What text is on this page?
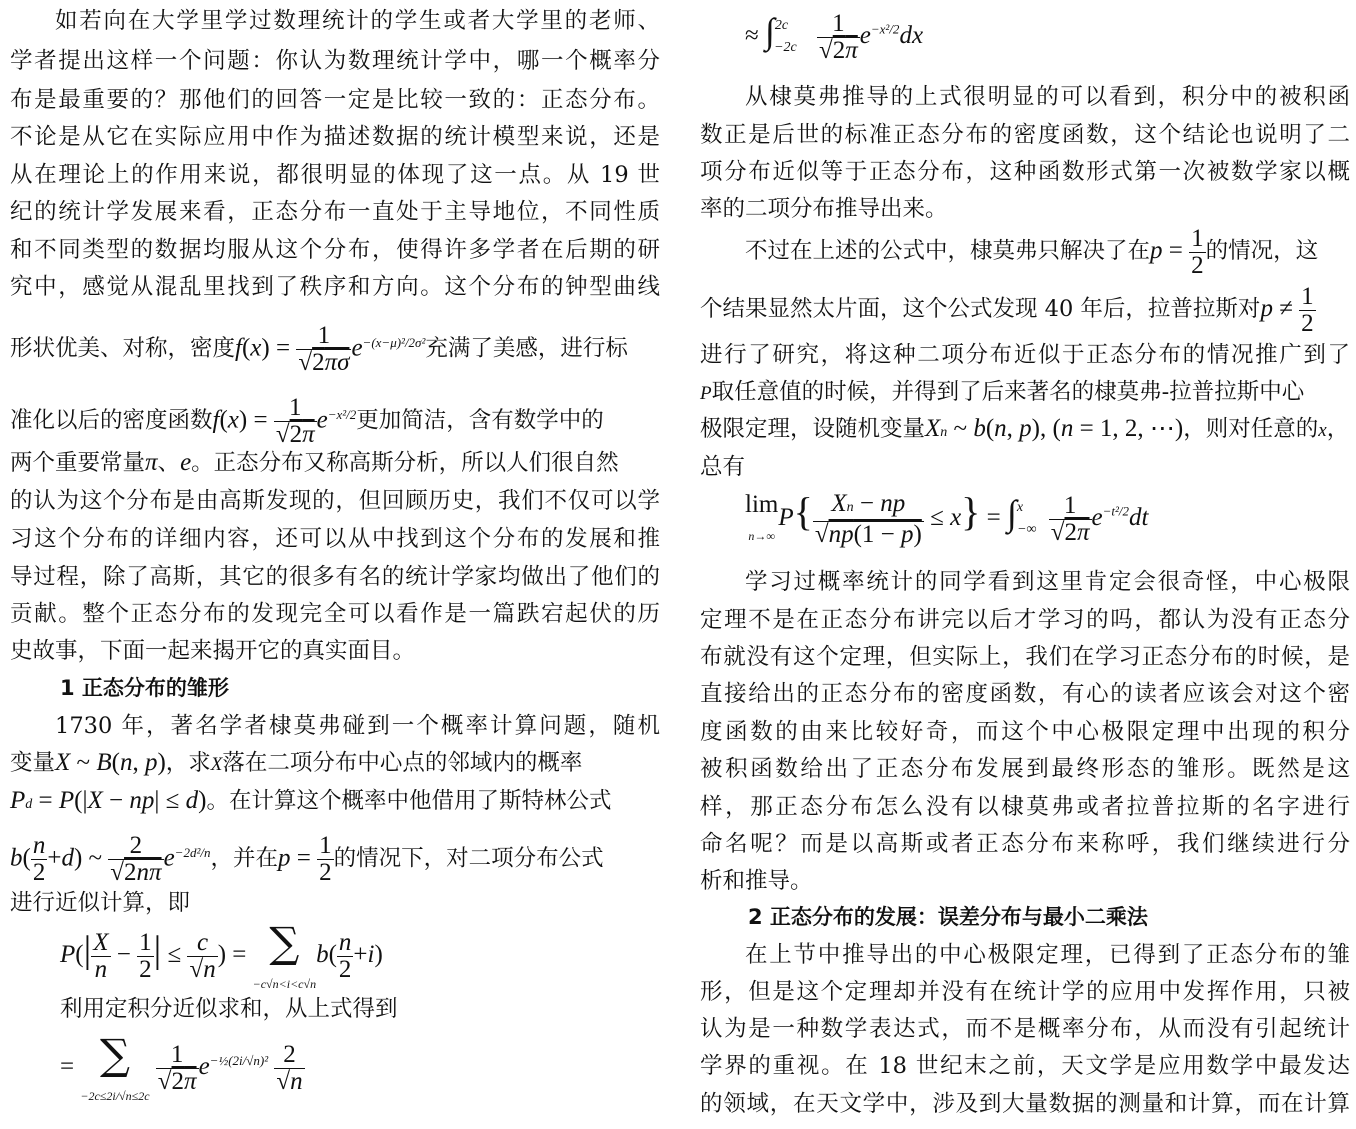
如若向在大学里学过数理统计的学生或者大学里的老师、
学者提出这样一个问题：你认为数理统计学中，哪一个概率分
布是最重要的？那他们的回答一定是比较一致的：正态分布。
不论是从它在实际应用中作为描述数据的统计模型来说，还是
从在理论上的作用来说，都很明显的体现了这一点。从 19 世
纪的统计学发展来看，正态分布一直处于主导地位，不同性质
和不同类型的数据均服从这个分布，使得许多学者在后期的研
究中，感觉从混乱里找到了秩序和方向。这个分布的钟型曲线
形状优美、对称，密度$f(x) = \frac{1}{√2\pi\sigma} e^{-(x-\mu)^2/2\sigma^2}$充满了美感，进行标
准化以后的密度函数$f(x) = \frac{1}{√2\pi} e^{-x^2/2}$更加简洁，含有数学中的
两个重要常量π、e。正态分布又称高斯分析，所以人们很自然
的认为这个分布是由高斯发现的，但回顾历史，我们不仅可以学
习这个分布的详细内容，还可以从中找到这个分布的发展和推
导过程，除了高斯，其它的很多有名的统计学家均做出了他们的
贡献。整个正态分布的发现完全可以看作是一篇跌宕起伏的历
史故事，下面一起来揭开它的真实面目。
1 正态分布的雏形
1730 年，著名学者棣莫弗碰到一个概率计算问题，随机
变量X ~ B(n, p)，求X落在二项分布中心点的邻域内的概率
Pd = P(|X − np| ≤ d)。在计算这个概率中他借用了斯特林公式
$b( \frac{n}{2} +d)$ ~ $\frac{2}{√2n\pi} e^{-2d^2/n}$，并在$p = \frac{1}{2}$ 的情况下，对二项分布公式
进行近似计算，即
$P(| \frac{X}{n} - \frac{1}{2}$ | ≤ $\frac{c}{√n}$ ) = ∑
$-c√n<i<c√nb( \frac{n}{2} +i)$
利用定积分近似求和，从上式得到
= ∑
−2c≤2i/√n≤2c
$\frac{1}{√2\pi} e^{-\frac{1}{2}(2i/√n)^2} \frac{2}{√n}$
≈ $\int^{2c}_{-2c} \frac{1}{√2\pi} e^{-x^2/2}dx$
从棣莫弗推导的上式很明显的可以看到，积分中的被积函
数正是后世的标准正态分布的密度函数，这个结论也说明了二
项分布近似等于正态分布，这种函数形式第一次被数学家以概
率的二项分布推导出来。
不过在上述的公式中，棣莫弗只解决了在$p = \frac{1}{2}$ 的情况，这
个结果显然太片面，这个公式发现 40 年后，拉普拉斯对$p \ne \frac{1}{2}$
进行了研究，将这种二项分布近似于正态分布的情况推广到了
P取任意值的时候，并得到了后来著名的棣莫弗-拉普拉斯中心
极限定理，设随机变量Xn ~ b(n, p), (n = 1, 2, ⋯)，则对任意的x，
总有
lim
$n\to\infty P\{ \frac{Xn - np}{√np(1 - p)} \le x\} = \int^x_{-\infty} \frac{1}{√2\pi} e^{-t^2/2}dt$
学习过概率统计的同学看到这里肯定会很奇怪，中心极限
定理不是在正态分布讲完以后才学习的吗，都认为没有正态分
布就没有这个定理，但实际上，我们在学习正态分布的时候，是
直接给出的正态分布的密度函数，有心的读者应该会对这个密
度函数的由来比较好奇，而这个中心极限定理中出现的积分
被积函数给出了正态分布发展到最终形态的雏形。既然是这
样，那正态分布怎么没有以棣莫弗或者拉普拉斯的名字进行
命名呢？而是以高斯或者正态分布来称呼，我们继续进行分
析和推导。
2 正态分布的发展：误差分布与最小二乘法
在上节中推导出的中心极限定理，已得到了正态分布的雏
形，但是这个定理却并没有在统计学的应用中发挥作用，只被
认为是一种数学表达式，而不是概率分布，从而没有引起统计
学界的重视。在 18 世纪末之前，天文学是应用数学中最发达
的领域，在天文学中，涉及到大量数据的测量和计算，而在计算
